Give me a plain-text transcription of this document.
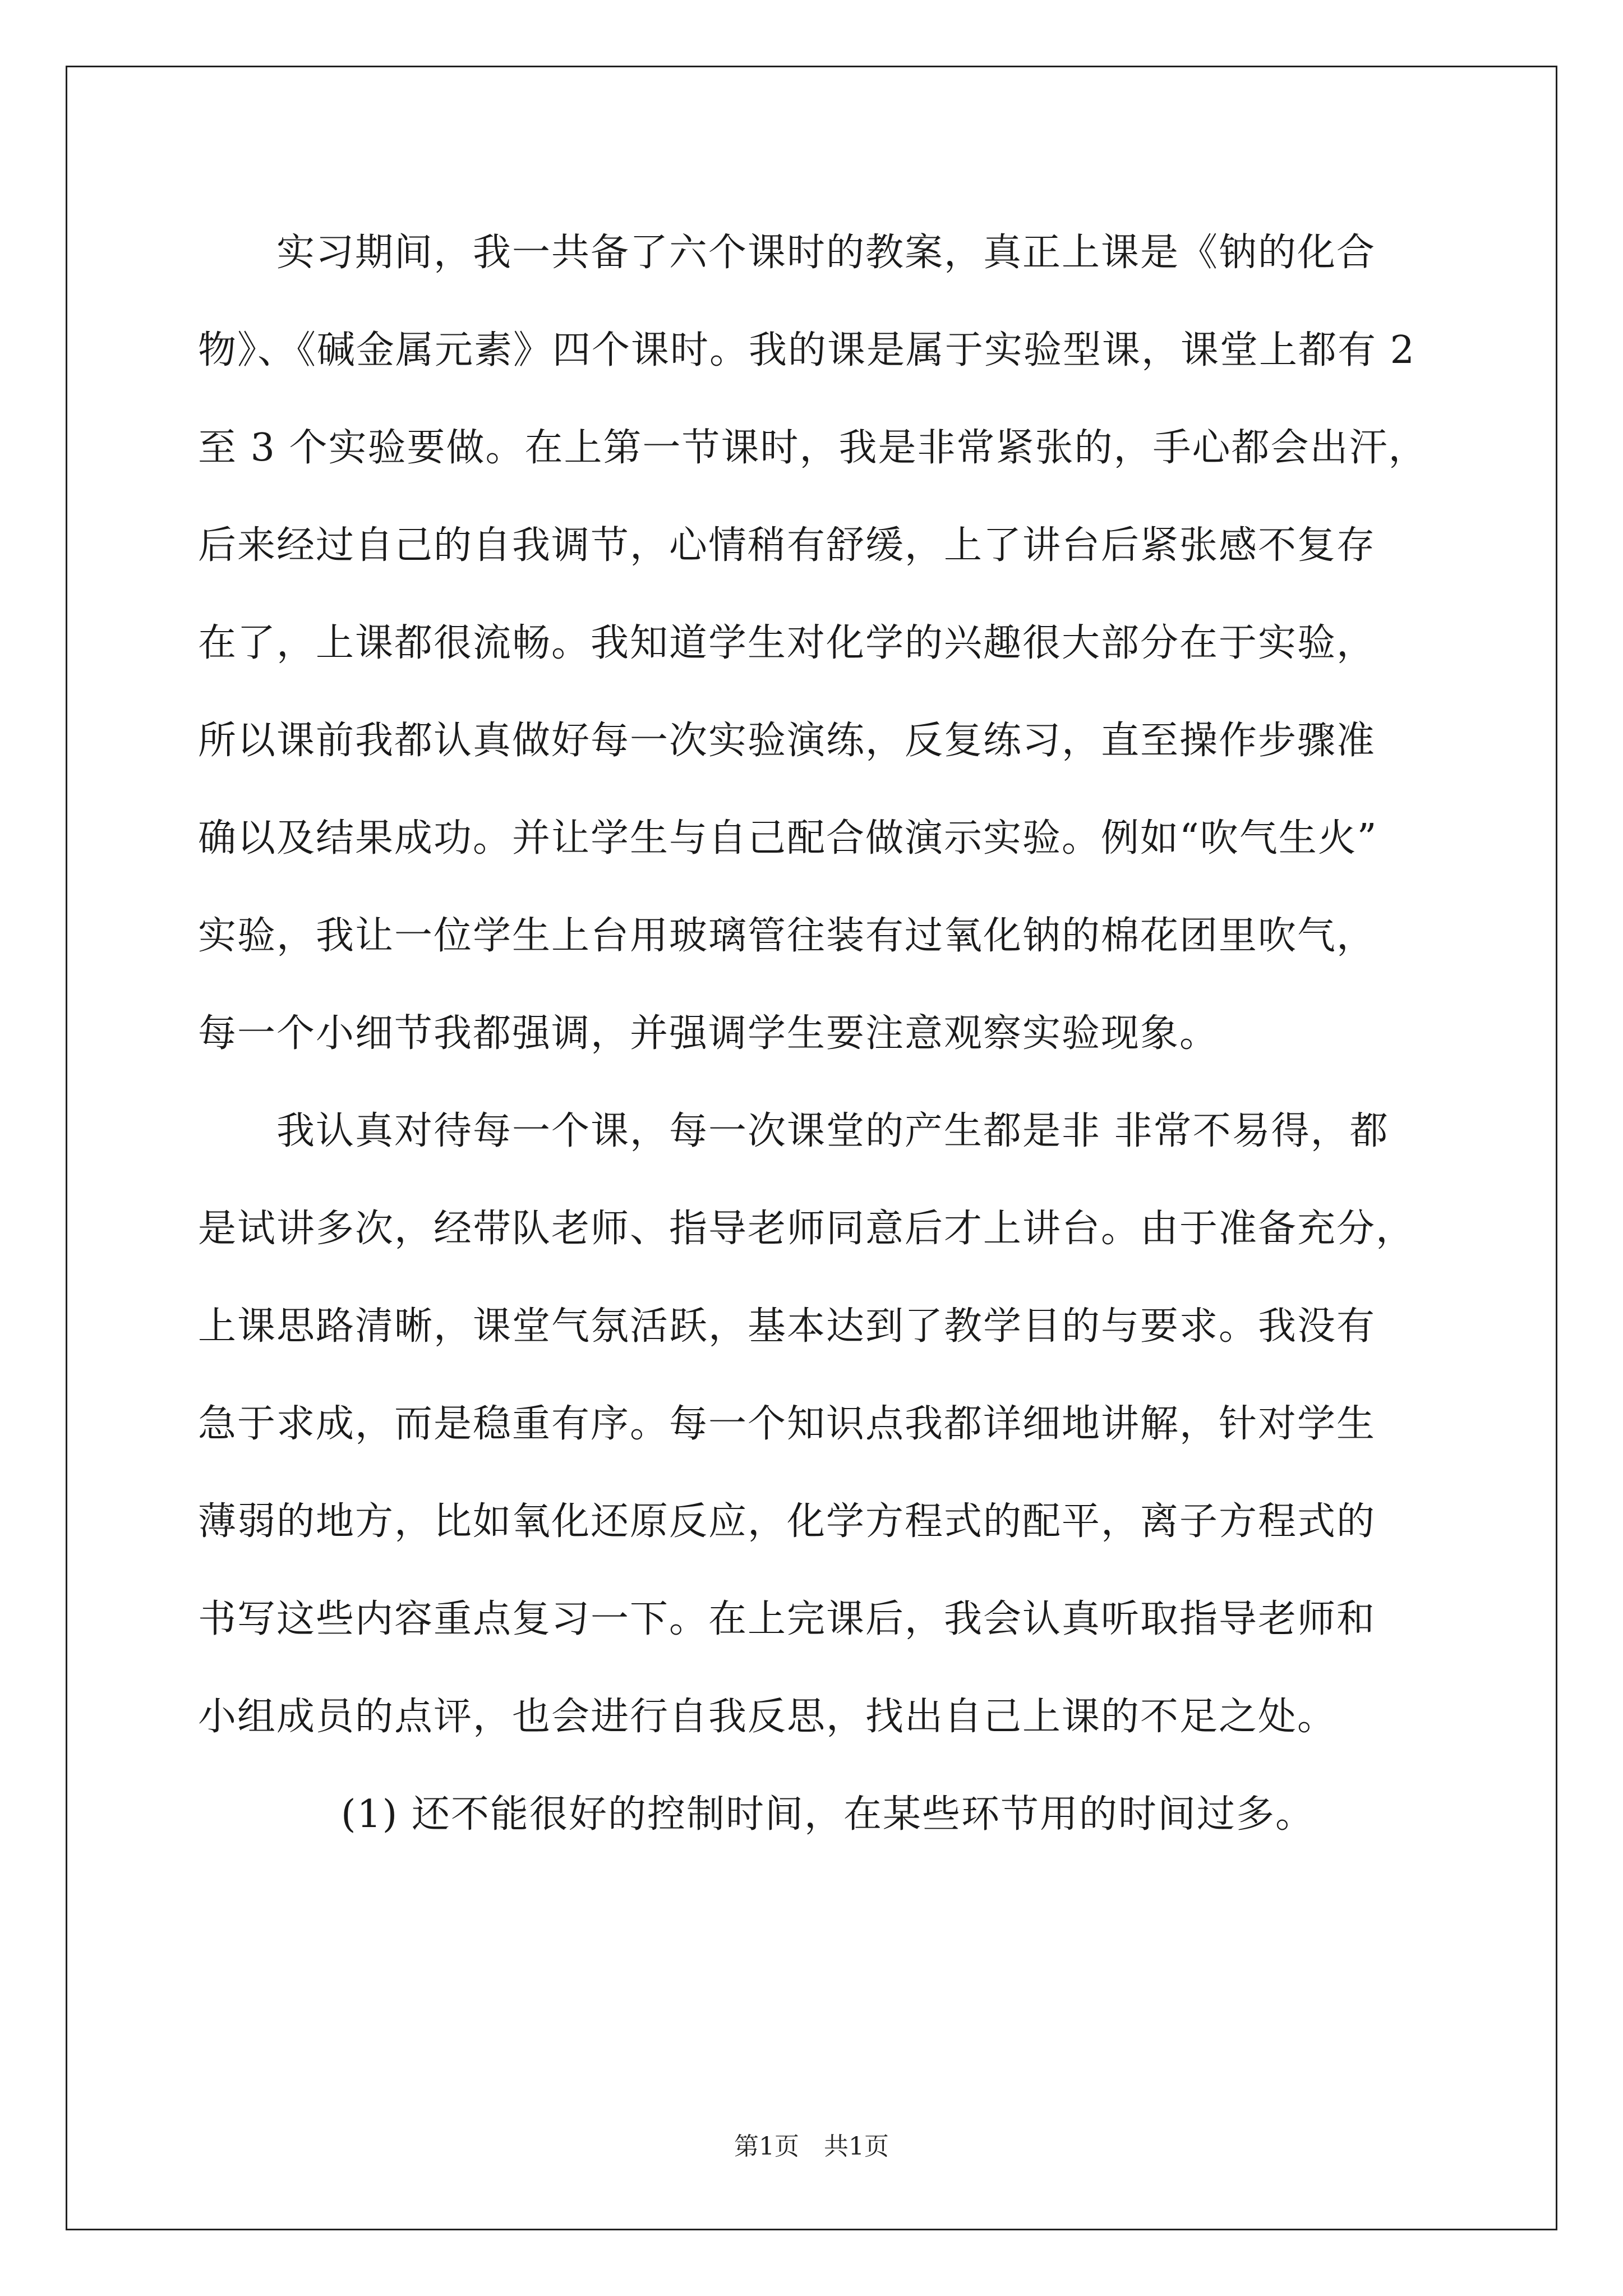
实习期间，我一共备了六个课时的教案，真正上课是《钠的化合
物》、《碱金属元素》四个课时。我的课是属于实验型课，课堂上都有 2
至 3 个实验要做。在上第一节课时，我是非常紧张的，手心都会出汗，
后来经过自己的自我调节，心情稍有舒缓，上了讲台后紧张感不复存
在了，上课都很流畅。我知道学生对化学的兴趣很大部分在于实验，
所以课前我都认真做好每一次实验演练，反复练习，直至操作步骤准
确以及结果成功。并让学生与自己配合做演示实验。例如“吹气生火”
实验，我让一位学生上台用玻璃管往装有过氧化钠的棉花团里吹气，
每一个小细节我都强调，并强调学生要注意观察实验现象。
我认真对待每一个课，每一次课堂的产生都是非 非常不易得，都
是试讲多次，经带队老师、指导老师同意后才上讲台。由于准备充分，
上课思路清晰，课堂气氛活跃，基本达到了教学目的与要求。我没有
急于求成，而是稳重有序。每一个知识点我都详细地讲解，针对学生
薄弱的地方，比如氧化还原反应，化学方程式的配平，离子方程式的
书写这些内容重点复习一下。在上完课后，我会认真听取指导老师和
小组成员的点评，也会进行自我反思，找出自己上课的不足之处。
(1) 还不能很好的控制时间，在某些环节用的时间过多。
第1页　共1页
